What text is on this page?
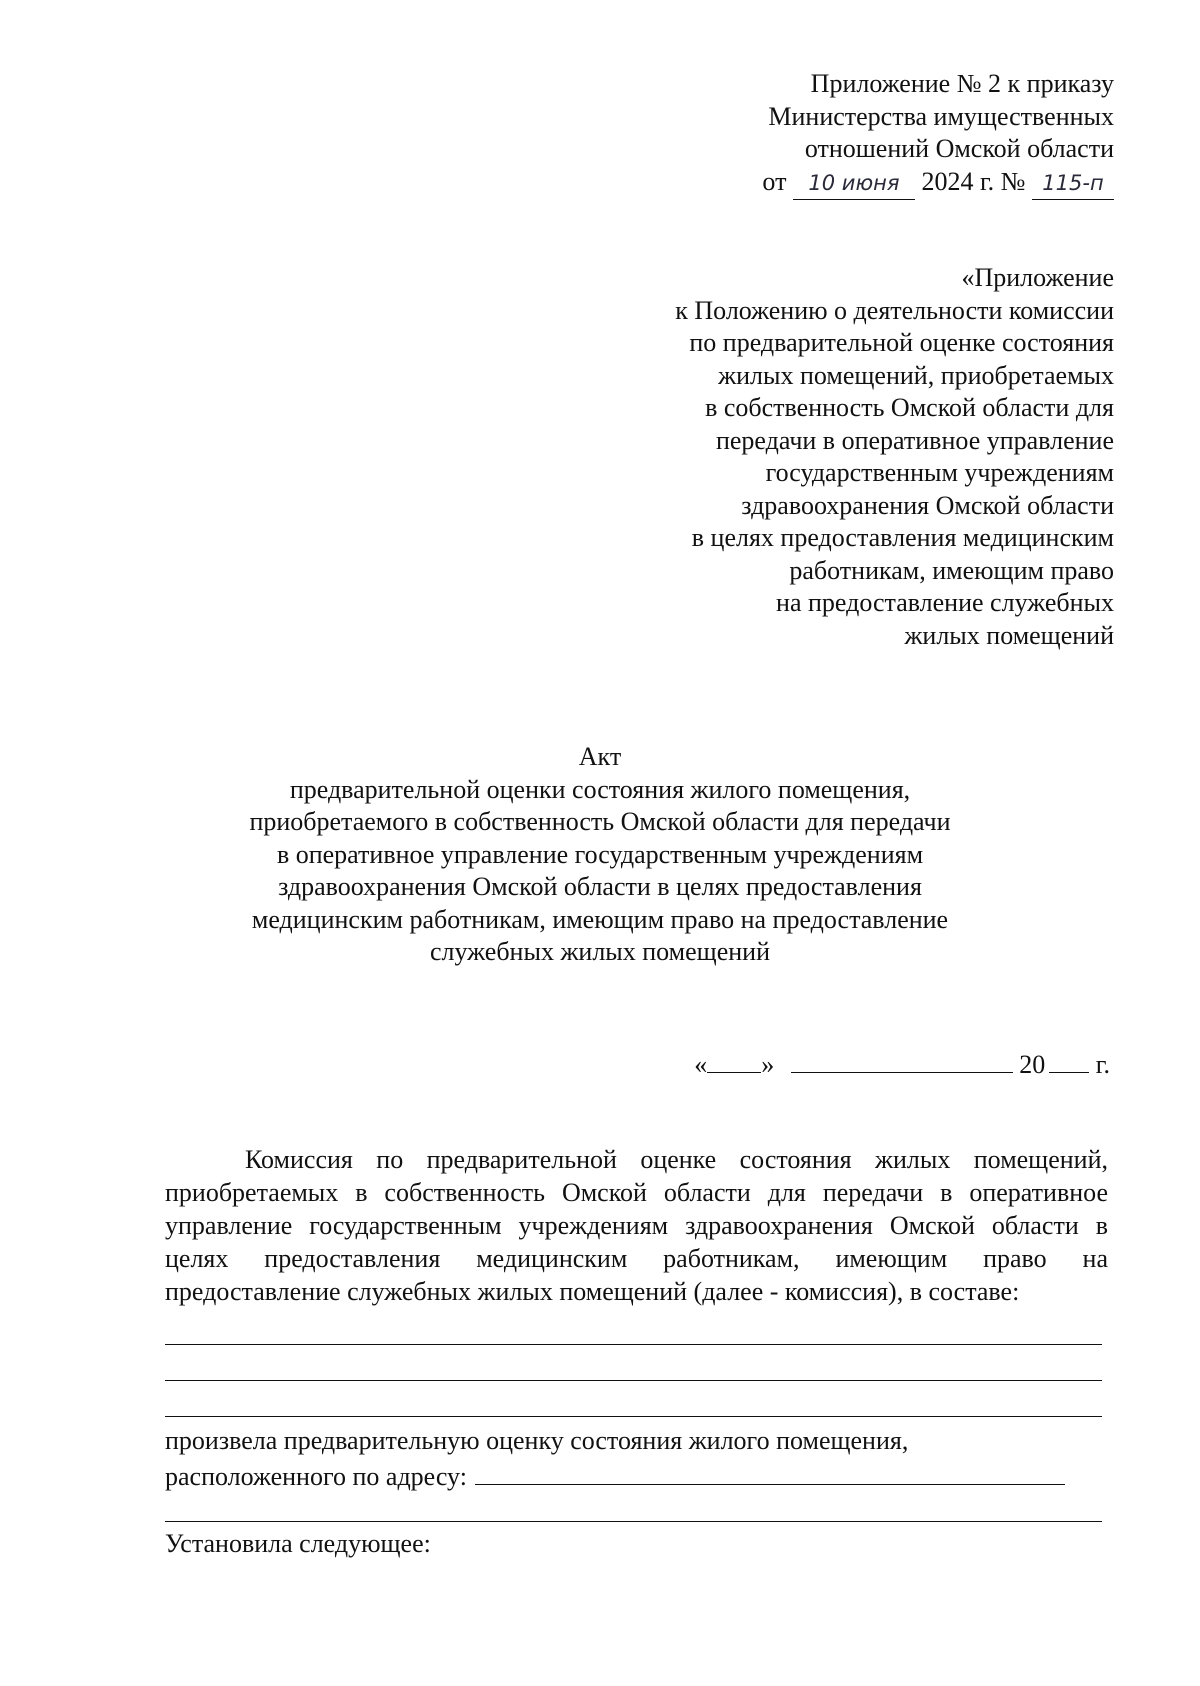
Приложение № 2 к приказу
Министерства имущественных
отношений Омской области
от 10 июня 2024 г. № 115-п
«Приложение
к Положению о деятельности комиссии
по предварительной оценке состояния
жилых помещений, приобретаемых
в собственность Омской области для
передачи в оперативное управление
государственным учреждениям
здравоохранения Омской области
в целях предоставления медицинским
работникам, имеющим право
на предоставление служебных
жилых помещений
Акт
предварительной оценки состояния жилого помещения,
приобретаемого в собственность Омской области для передачи
в оперативное управление государственным учреждениям
здравоохранения Омской области в целях предоставления
медицинским работникам, имеющим право на предоставление
служебных жилых помещений
« »	20 г.
Комиссия по предварительной оценке состояния жилых помещений, приобретаемых в собственность Омской области для передачи в оперативное управление государственным учреждениям здравоохранения Омской области в целях предоставления медицинским работникам, имеющим право на предоставление служебных жилых помещений (далее - комиссия), в составе:
произвела предварительную оценку состояния жилого помещения,
расположенного по адресу:
Установила следующее:
